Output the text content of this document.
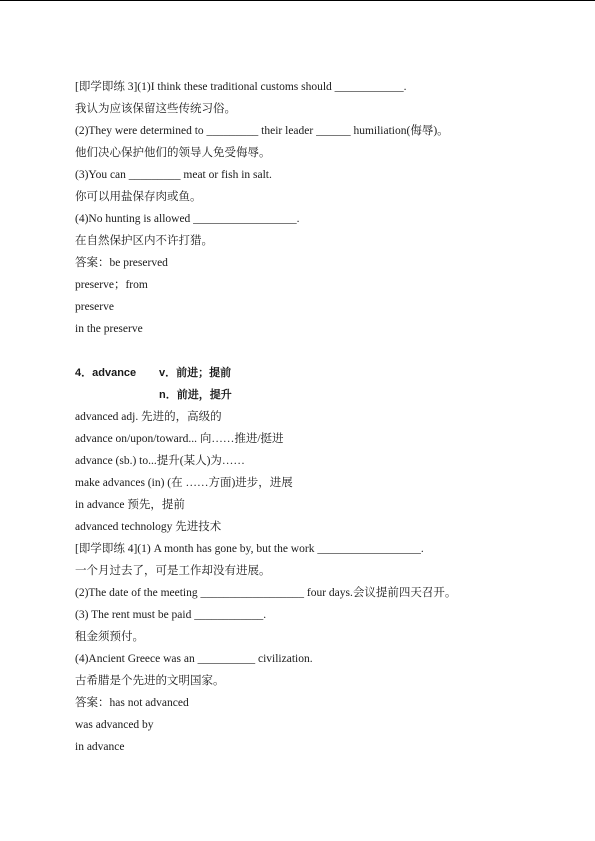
[即学即练 3](1)I think these traditional customs should ____________.
我认为应该保留这些传统习俗。
(2)They were determined to _________ their leader ______ humiliation(侮辱)。
他们决心保护他们的领导人免受侮辱。
(3)You can _________ meat or fish in salt.
你可以用盐保存肉或鱼。
(4)No hunting is allowed __________________.
在自然保护区内不许打猎。
答案：be preserved
preserve；from
preserve
in the preserve
4．advance v．前进；提前
n．前进，提升
advanced adj. 先进的，高级的
advance on/upon/toward... 向……推进/挺进
advance (sb.) to...提升(某人)为……
make advances (in) (在 ……方面)进步，进展
in advance 预先，提前
advanced technology 先进技术
[即学即练 4](1) A month has gone by, but the work __________________.
一个月过去了，可是工作却没有进展。
(2)The date of the meeting __________________ four days.会议提前四天召开。
(3) The rent must be paid ____________.
租金须预付。
(4)Ancient Greece was an __________ civilization.
古希腊是个先进的文明国家。
答案：has not advanced
was advanced by
in advance
